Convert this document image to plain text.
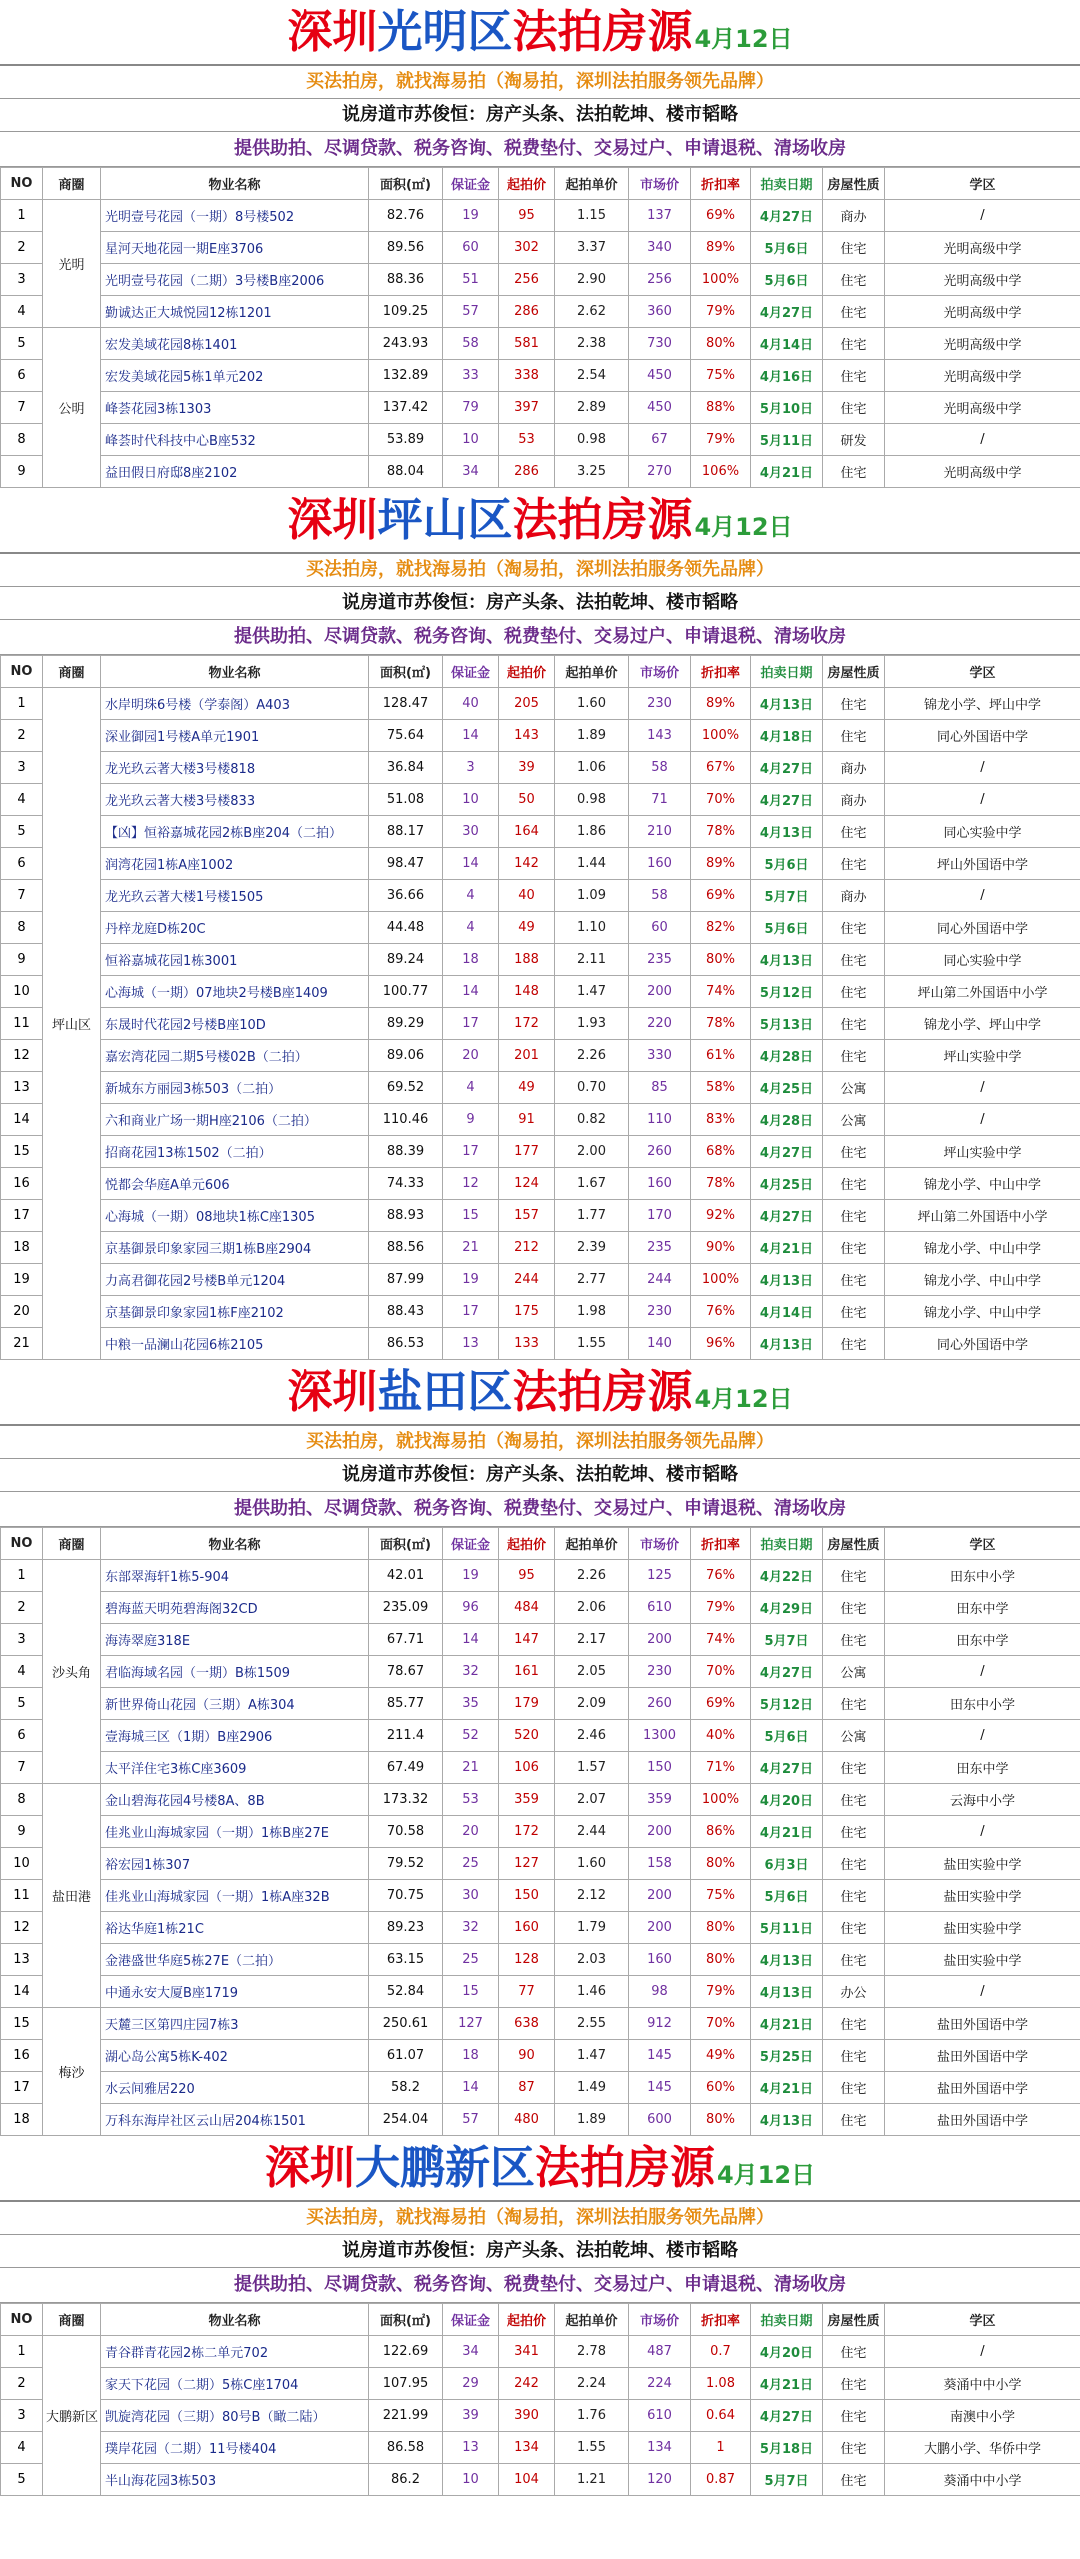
深圳光明区法拍房源4月12日
买法拍房，就找海易拍（淘易拍，深圳法拍服务领先品牌）
说房道市苏俊恒：房产头条、法拍乾坤、楼市韬略
提供助拍、尽调贷款、税务咨询、税费垫付、交易过户、申请退税、清场收房
NO	商圈	物业名称	面积(㎡)	保证金	起拍价	起拍单价	市场价	折扣率	拍卖日期	房屋性质	学区
1	光明	光明壹号花园（一期）8号楼502	82.76	19	95	1.15	137	69%	4月27日	商办	/
2		星河天地花园一期E座3706	89.56	60	302	3.37	340	89%	5月6日	住宅	光明高级中学
3		光明壹号花园（二期）3号楼B座2006	88.36	51	256	2.90	256	100%	5月6日	住宅	光明高级中学
4		勤诚达正大城悦园12栋1201	109.25	57	286	2.62	360	79%	4月27日	住宅	光明高级中学
5	公明	宏发美域花园8栋1401	243.93	58	581	2.38	730	80%	4月14日	住宅	光明高级中学
6		宏发美域花园5栋1单元202	132.89	33	338	2.54	450	75%	4月16日	住宅	光明高级中学
7		峰荟花园3栋1303	137.42	79	397	2.89	450	88%	5月10日	住宅	光明高级中学
8		峰荟时代科技中心B座532	53.89	10	53	0.98	67	79%	5月11日	研发	/
9		益田假日府邸8座2102	88.04	34	286	3.25	270	106%	4月21日	住宅	光明高级中学
深圳坪山区法拍房源4月12日
买法拍房，就找海易拍（淘易拍，深圳法拍服务领先品牌）
说房道市苏俊恒：房产头条、法拍乾坤、楼市韬略
提供助拍、尽调贷款、税务咨询、税费垫付、交易过户、申请退税、清场收房
NO	商圈	物业名称	面积(㎡)	保证金	起拍价	起拍单价	市场价	折扣率	拍卖日期	房屋性质	学区
1	坪山区	水岸明珠6号楼（学泰阁）A403	128.47	40	205	1.60	230	89%	4月13日	住宅	锦龙小学、坪山中学
2		深业御园1号楼A单元1901	75.64	14	143	1.89	143	100%	4月18日	住宅	同心外国语中学
3		龙光玖云著大楼3号楼818	36.84	3	39	1.06	58	67%	4月27日	商办	/
4		龙光玖云著大楼3号楼833	51.08	10	50	0.98	71	70%	4月27日	商办	/
5		【凶】恒裕嘉城花园2栋B座204（二拍）	88.17	30	164	1.86	210	78%	4月13日	住宅	同心实验中学
6		润湾花园1栋A座1002	98.47	14	142	1.44	160	89%	5月6日	住宅	坪山外国语中学
7		龙光玖云著大楼1号楼1505	36.66	4	40	1.09	58	69%	5月7日	商办	/
8		丹梓龙庭D栋20C	44.48	4	49	1.10	60	82%	5月6日	住宅	同心外国语中学
9		恒裕嘉城花园1栋3001	89.24	18	188	2.11	235	80%	4月13日	住宅	同心实验中学
10		心海城（一期）07地块2号楼B座1409	100.77	14	148	1.47	200	74%	5月12日	住宅	坪山第二外国语中小学
11		东晟时代花园2号楼B座10D	89.29	17	172	1.93	220	78%	5月13日	住宅	锦龙小学、坪山中学
12		嘉宏湾花园二期5号楼02B（二拍）	89.06	20	201	2.26	330	61%	4月28日	住宅	坪山实验中学
13		新城东方丽园3栋503（二拍）	69.52	4	49	0.70	85	58%	4月25日	公寓	/
14		六和商业广场一期H座2106（二拍）	110.46	9	91	0.82	110	83%	4月28日	公寓	/
15		招商花园13栋1502（二拍）	88.39	17	177	2.00	260	68%	4月27日	住宅	坪山实验中学
16		悦都会华庭A单元606	74.33	12	124	1.67	160	78%	4月25日	住宅	锦龙小学、中山中学
17		心海城（一期）08地块1栋C座1305	88.93	15	157	1.77	170	92%	4月27日	住宅	坪山第二外国语中小学
18		京基御景印象家园三期1栋B座2904	88.56	21	212	2.39	235	90%	4月21日	住宅	锦龙小学、中山中学
19		力高君御花园2号楼B单元1204	87.99	19	244	2.77	244	100%	4月13日	住宅	锦龙小学、中山中学
20		京基御景印象家园1栋F座2102	88.43	17	175	1.98	230	76%	4月14日	住宅	锦龙小学、中山中学
21		中粮一品澜山花园6栋2105	86.53	13	133	1.55	140	96%	4月13日	住宅	同心外国语中学
深圳盐田区法拍房源4月12日
买法拍房，就找海易拍（淘易拍，深圳法拍服务领先品牌）
说房道市苏俊恒：房产头条、法拍乾坤、楼市韬略
提供助拍、尽调贷款、税务咨询、税费垫付、交易过户、申请退税、清场收房
NO	商圈	物业名称	面积(㎡)	保证金	起拍价	起拍单价	市场价	折扣率	拍卖日期	房屋性质	学区
1	沙头角	东部翠海轩1栋5-904	42.01	19	95	2.26	125	76%	4月22日	住宅	田东中小学
2		碧海蓝天明苑碧海阁32CD	235.09	96	484	2.06	610	79%	4月29日	住宅	田东中学
3		海涛翠庭318E	67.71	14	147	2.17	200	74%	5月7日	住宅	田东中学
4		君临海域名园（一期）B栋1509	78.67	32	161	2.05	230	70%	4月27日	公寓	/
5		新世界倚山花园（三期）A栋304	85.77	35	179	2.09	260	69%	5月12日	住宅	田东中小学
6		壹海城三区（1期）B座2906	211.4	52	520	2.46	1300	40%	5月6日	公寓	/
7		太平洋住宅3栋C座3609	67.49	21	106	1.57	150	71%	4月27日	住宅	田东中学
8	盐田港	金山碧海花园4号楼8A、8B	173.32	53	359	2.07	359	100%	4月20日	住宅	云海中小学
9		佳兆业山海城家园（一期）1栋B座27E	70.58	20	172	2.44	200	86%	4月21日	住宅	/
10		裕宏园1栋307	79.52	25	127	1.60	158	80%	6月3日	住宅	盐田实验中学
11		佳兆业山海城家园（一期）1栋A座32B	70.75	30	150	2.12	200	75%	5月6日	住宅	盐田实验中学
12		裕达华庭1栋21C	89.23	32	160	1.79	200	80%	5月11日	住宅	盐田实验中学
13		金港盛世华庭5栋27E（二拍）	63.15	25	128	2.03	160	80%	4月13日	住宅	盐田实验中学
14		中通永安大厦B座1719	52.84	15	77	1.46	98	79%	4月13日	办公	/
15	梅沙	天麓三区第四庄园7栋3	250.61	127	638	2.55	912	70%	4月21日	住宅	盐田外国语中学
16		湖心岛公寓5栋K-402	61.07	18	90	1.47	145	49%	5月25日	住宅	盐田外国语中学
17		水云间雅居220	58.2	14	87	1.49	145	60%	4月21日	住宅	盐田外国语中学
18		万科东海岸社区云山居204栋1501	254.04	57	480	1.89	600	80%	4月13日	住宅	盐田外国语中学
深圳大鹏新区法拍房源4月12日
买法拍房，就找海易拍（淘易拍，深圳法拍服务领先品牌）
说房道市苏俊恒：房产头条、法拍乾坤、楼市韬略
提供助拍、尽调贷款、税务咨询、税费垫付、交易过户、申请退税、清场收房
NO	商圈	物业名称	面积(㎡)	保证金	起拍价	起拍单价	市场价	折扣率	拍卖日期	房屋性质	学区
1	大鹏新区	青谷群青花园2栋二单元702	122.69	34	341	2.78	487	0.7	4月20日	住宅	/
2		家天下花园（二期）5栋C座1704	107.95	29	242	2.24	224	1.08	4月21日	住宅	葵涌中中小学
3		凯旋湾花园（三期）80号B（瞰二陆）	221.99	39	390	1.76	610	0.64	4月27日	住宅	南澳中小学
4		璞岸花园（二期）11号楼404	86.58	13	134	1.55	134	1	5月18日	住宅	大鹏小学、华侨中学
5		半山海花园3栋503	86.2	10	104	1.21	120	0.87	5月7日	住宅	葵涌中中小学
